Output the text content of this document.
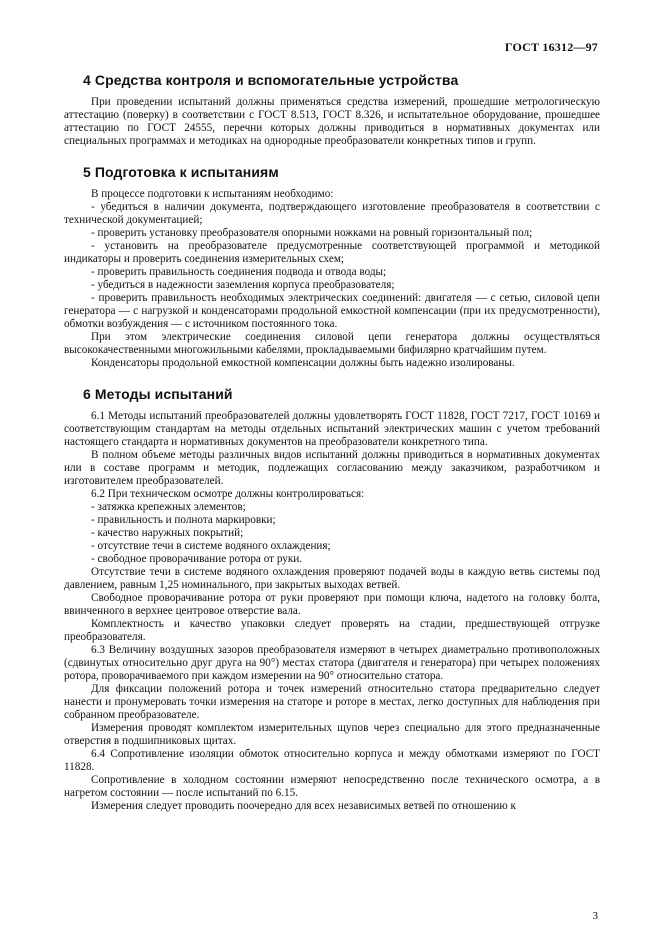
ГОСТ 16312—97
4 Средства контроля и вспомогательные устройства

При проведении испытаний должны применяться средства измерений, прошедшие метрологическую аттестацию (поверку) в соответствии с ГОСТ 8.513, ГОСТ 8.326, и испытательное оборудование, прошедшее аттестацию по ГОСТ 24555, перечни которых должны приводиться в нормативных документах или специальных программах и методиках на однородные преобразователи конкретных типов и групп.

5 Подготовка к испытаниям

В процессе подготовки к испытаниям необходимо:

- убедиться в наличии документа, подтверждающего изготовление преобразователя в соответствии с технической документацией;

- проверить установку преобразователя опорными ножками на ровный горизонтальный пол;

- установить на преобразователе предусмотренные соответствующей программой и методикой индикаторы и проверить соединения измерительных схем;

- проверить правильность соединения подвода и отвода воды;

- убедиться в надежности заземления корпуса преобразователя;

- проверить правильность необходимых электрических соединений: двигателя — с сетью, силовой цепи генератора — с нагрузкой и конденсаторами продольной емкостной компенсации (при их предусмотренности), обмотки возбуждения — с источником постоянного тока.

При этом электрические соединения силовой цепи генератора должны осуществляться высококачественными многожильными кабелями, прокладываемыми бифилярно кратчайшим путем.

Конденсаторы продольной емкостной компенсации должны быть надежно изолированы.

6 Методы испытаний

6.1 Методы испытаний преобразователей должны удовлетворять ГОСТ 11828, ГОСТ 7217, ГОСТ 10169 и соответствующим стандартам на методы отдельных испытаний электрических машин с учетом требований настоящего стандарта и нормативных документов на преобразователи конкретного типа.

В полном объеме методы различных видов испытаний должны приводиться в нормативных документах или в составе программ и методик, подлежащих согласованию между заказчиком, разработчиком и изготовителем преобразователей.

6.2 При техническом осмотре должны контролироваться:

- затяжка крепежных элементов;

- правильность и полнота маркировки;

- качество наружных покрытий;

- отсутствие течи в системе водяного охлаждения;

- свободное проворачивание ротора от руки.

Отсутствие течи в системе водяного охлаждения проверяют подачей воды в каждую ветвь системы под давлением, равным 1,25 номинального, при закрытых выходах ветвей.

Свободное проворачивание ротора от руки проверяют при помощи ключа, надетого на головку болта, ввинченного в верхнее центровое отверстие вала.

Комплектность и качество упаковки следует проверять на стадии, предшествующей отгрузке преобразователя.

6.3 Величину воздушных зазоров преобразователя измеряют в четырех диаметрально противоположных (сдвинутых относительно друг друга на 90°) местах статора (двигателя и генератора) при четырех положениях ротора, проворачиваемого при каждом измерении на 90° относительно статора.

Для фиксации положений ротора и точек измерений относительно статора предварительно следует нанести и пронумеровать точки измерения на статоре и роторе в местах, легко доступных для наблюдения при собранном преобразователе.

Измерения проводят комплектом измерительных щупов через специально для этого предназначенные отверстия в подшипниковых щитах.

6.4 Сопротивление изоляции обмоток относительно корпуса и между обмотками измеряют по ГОСТ 11828.

Сопротивление в холодном состоянии измеряют непосредственно после технического осмотра, а в нагретом состоянии — после испытаний по 6.15.

Измерения следует проводить поочередно для всех независимых ветвей по отношению к

3
